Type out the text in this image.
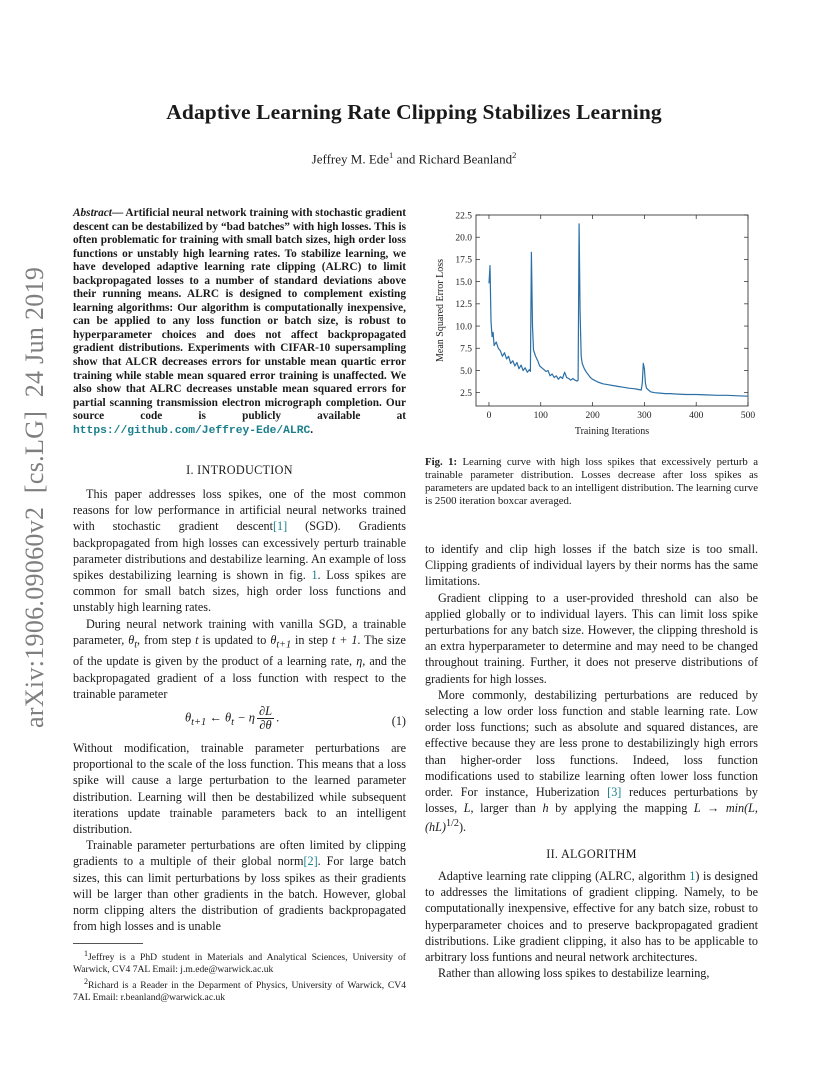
Adaptive Learning Rate Clipping Stabilizes Learning
Jeffrey M. Ede$^1$ and Richard Beanland$^2$
arXiv:1906.09060v2  [cs.LG]  24 Jun 2019
Abstract— Artificial neural network training with stochastic gradient descent can be destabilized by “bad batches” with high losses. This is often problematic for training with small batch sizes, high order loss functions or unstably high learning rates. To stabilize learning, we have developed adaptive learning rate clipping (ALRC) to limit backpropagated losses to a number of standard deviations above their running means. ALRC is designed to complement existing learning algorithms: Our algorithm is computationally inexpensive, can be applied to any loss function or batch size, is robust to hyperparameter choices and does not affect backpropagated gradient distributions. Experiments with CIFAR-10 supersampling show that ALCR decreases errors for unstable mean quartic error training while stable mean squared error training is unaffected. We also show that ALRC decreases unstable mean squared errors for partial scanning transmission electron micrograph completion. Our source code is publicly available at https://github.com/Jeffrey-Ede/ALRC.
I. INTRODUCTION

This paper addresses loss spikes, one of the most common reasons for low performance in artificial neural networks trained with stochastic gradient descent[1] (SGD). Gradients backpropagated from high losses can excessively perturb trainable parameter distributions and destabilize learning. An example of loss spikes destabilizing learning is shown in fig. 1. Loss spikes are common for small batch sizes, high order loss functions and unstably high learning rates.

During neural network training with vanilla SGD, a trainable parameter, $\theta_t$, from step t is updated to $\theta_{t+1}$ in step t + 1. The size of the update is given by the product of a learning rate, η, and the backpropagated gradient of a loss function with respect to the trainable parameter

$\theta_{t+1}$ ← $\theta_t - \eta \frac{\partial L}{\partial\theta}$ .	(1)

Without modification, trainable parameter perturbations are proportional to the scale of the loss function. This means that a loss spike will cause a large perturbation to the learned parameter distribution. Learning will then be destabilized while subsequent iterations update trainable parameters back to an intelligent distribution.

Trainable parameter perturbations are often limited by clipping gradients to a multiple of their global norm[2]. For large batch sizes, this can limit perturbations by loss spikes as their gradients will be larger than other gradients in the batch. However, global norm clipping alters the distribution of gradients backpropagated from high losses and is unable

$^1$Jeffrey is a PhD student in Materials and Analytical Sciences, University of Warwick, CV4 7AL Email: j.m.ede@warwick.ac.uk

$^2$Richard is a Reader in the Deparment of Physics, University of Warwick, CV4 7AL Email: r.beanland@warwick.ac.uk

0	100	200	300	400	500
2.5
5.0
7.5
10.0
12.5
15.0
17.5
20.0
22.5
Training Iterations
Mean Squared Error Loss
Fig. 1: Learning curve with high loss spikes that excessively perturb a trainable parameter distribution. Losses decrease after loss spikes as parameters are updated back to an intelligent distribution. The learning curve is 2500 iteration boxcar averaged.

to identify and clip high losses if the batch size is too small. Clipping gradients of individual layers by their norms has the same limitations.

Gradient clipping to a user-provided threshold can also be applied globally or to individual layers. This can limit loss spike perturbations for any batch size. However, the clipping threshold is an extra hyperparameter to determine and may need to be changed throughout training. Further, it does not preserve distributions of gradients for high losses.

More commonly, destabilizing perturbations are reduced by selecting a low order loss function and stable learning rate. Low order loss functions; such as absolute and squared distances, are effective because they are less prone to destabilizingly high errors than higher-order loss functions. Indeed, loss function modifications used to stabilize learning often lower loss function order. For instance, Huberization [3] reduces perturbations by losses, L, larger than h by applying the mapping L → min(L, (hL)$^{1/2}$).

II. ALGORITHM

Adaptive learning rate clipping (ALRC, algorithm 1) is designed to addresses the limitations of gradient clipping. Namely, to be computationally inexpensive, effective for any batch size, robust to hyperparameter choices and to preserve backpropagated gradient distributions. Like gradient clipping, it also has to be applicable to arbitrary loss funtions and neural network architectures.

Rather than allowing loss spikes to destabilize learning,
